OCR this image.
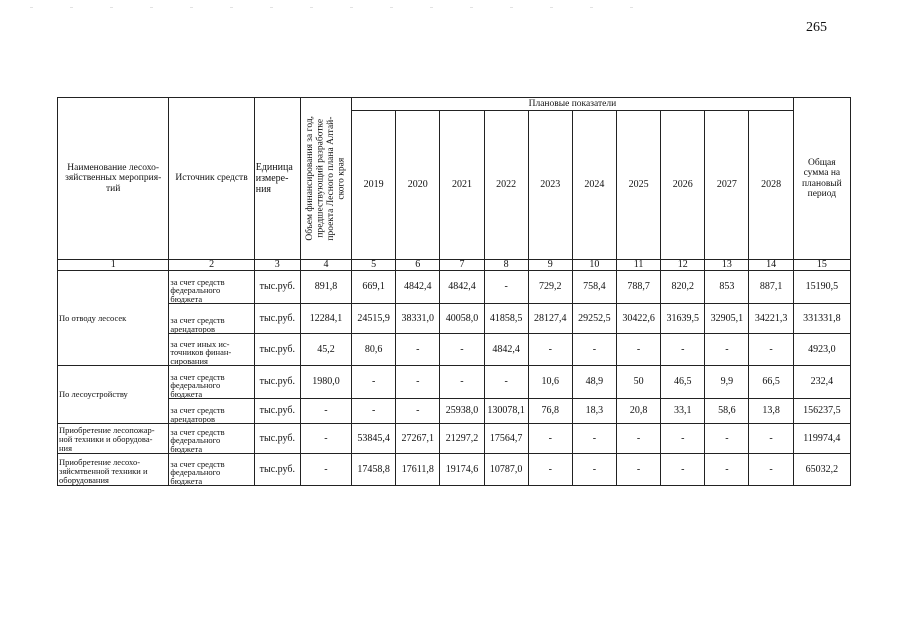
265
Наименование лесохо-зяйственных мероприя-тий	Источник средств	Единица
измере-
ния	Объем финансирования за год,
предшествующий разработке
проекта Лесного плана Алтай-
ского края	Плановые показатели										Общая сумма на плановый период
				2019	2020	2021	2022	2023	2024	2025	2026	2027	2028	
1	2	3	4	5	6	7	8	9	10	11	12	13	14	15
По отводу лесосек	за счет средств
федерального
бюджета	тыс.руб.	891,8	669,1	4842,4	4842,4	-	729,2	758,4	788,7	820,2	853	887,1	15190,5
	за счет средств
арендаторов	тыс.руб.	12284,1	24515,9	38331,0	40058,0	41858,5	28127,4	29252,5	30422,6	31639,5	32905,1	34221,3	331331,8
	за счет иных ис-
точников финан-
сирования	тыс.руб.	45,2	80,6	-	-	4842,4	-	-	-	-	-	-	4923,0
По лесоустройству	за счет средств
федерального
бюджета	тыс.руб.	1980,0	-	-	-	-	10,6	48,9	50	46,5	9,9	66,5	232,4
	за счет средств
арендаторов	тыс.руб.	-	-	-	25938,0	130078,1	76,8	18,3	20,8	33,1	58,6	13,8	156237,5
Приобретение лесопожар-
ной техники и оборудова-
ния	за счет средств
федерального
бюджета	тыс.руб.	-	53845,4	27267,1	21297,2	17564,7	-	-	-	-	-	-	119974,4
Приобретение лесохо-
зяйсмтвенной техники и
оборудования	за счет средств
федерального
бюджета	тыс.руб.	-	17458,8	17611,8	19174,6	10787,0	-	-	-	-	-	-	65032,2
